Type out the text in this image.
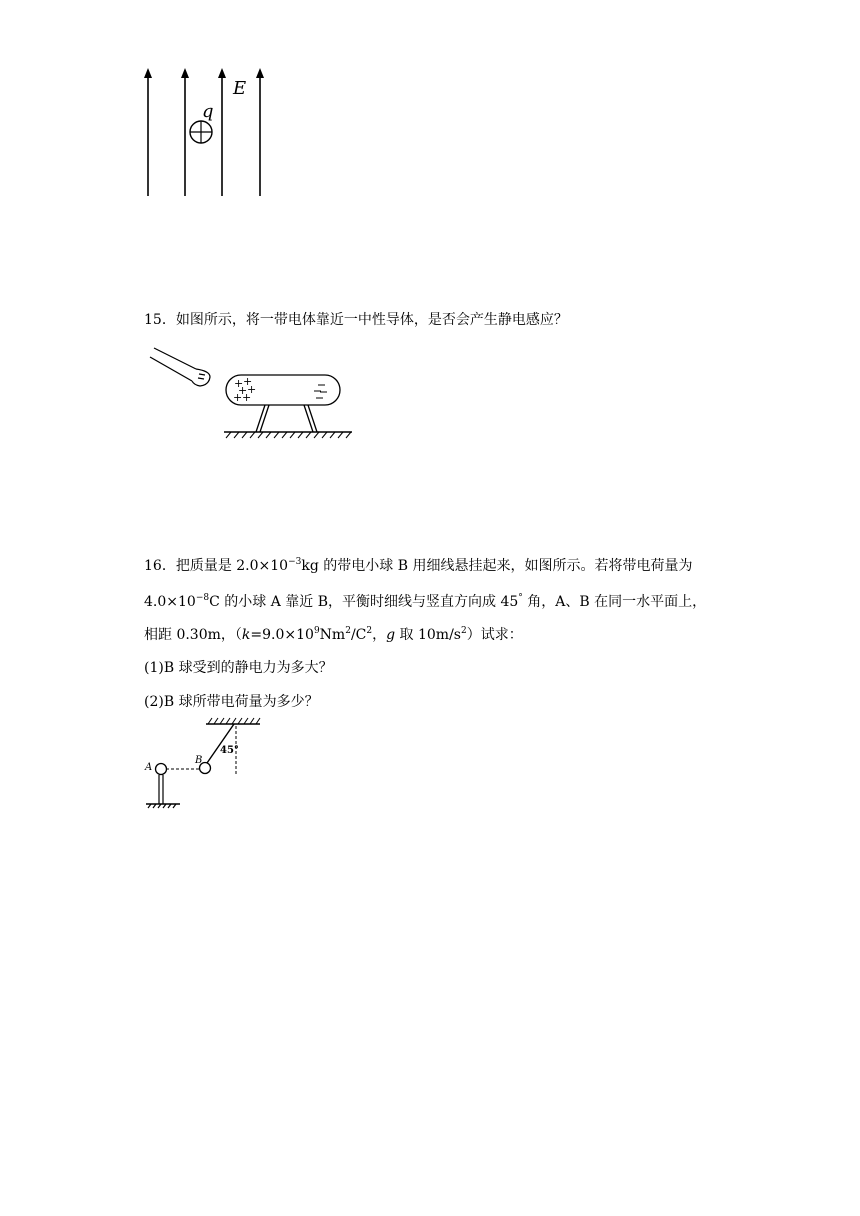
q
E

15．如图所示，将一带电体靠近一中性导体，是否会产生静电感应？

+ +
+ +
+ +

16．把质量是 $2.0\times 10^{-3}kg$ 的带电小球 B 用细线悬挂起来，如图所示。若将带电荷量为

$4.0\times 10^{-8}C$ 的小球 A 靠近 B，平衡时细线与竖直方向成 45° 角，A、B 在同一水平面上，

相距 0.30m，（$k=9.0\times 10^9Nm^2/C^2$，g 取 $10m/s^2$）试求：

(1)B 球受到的静电力为多大？

(2)B 球所带电荷量为多少？

A
B
45°
